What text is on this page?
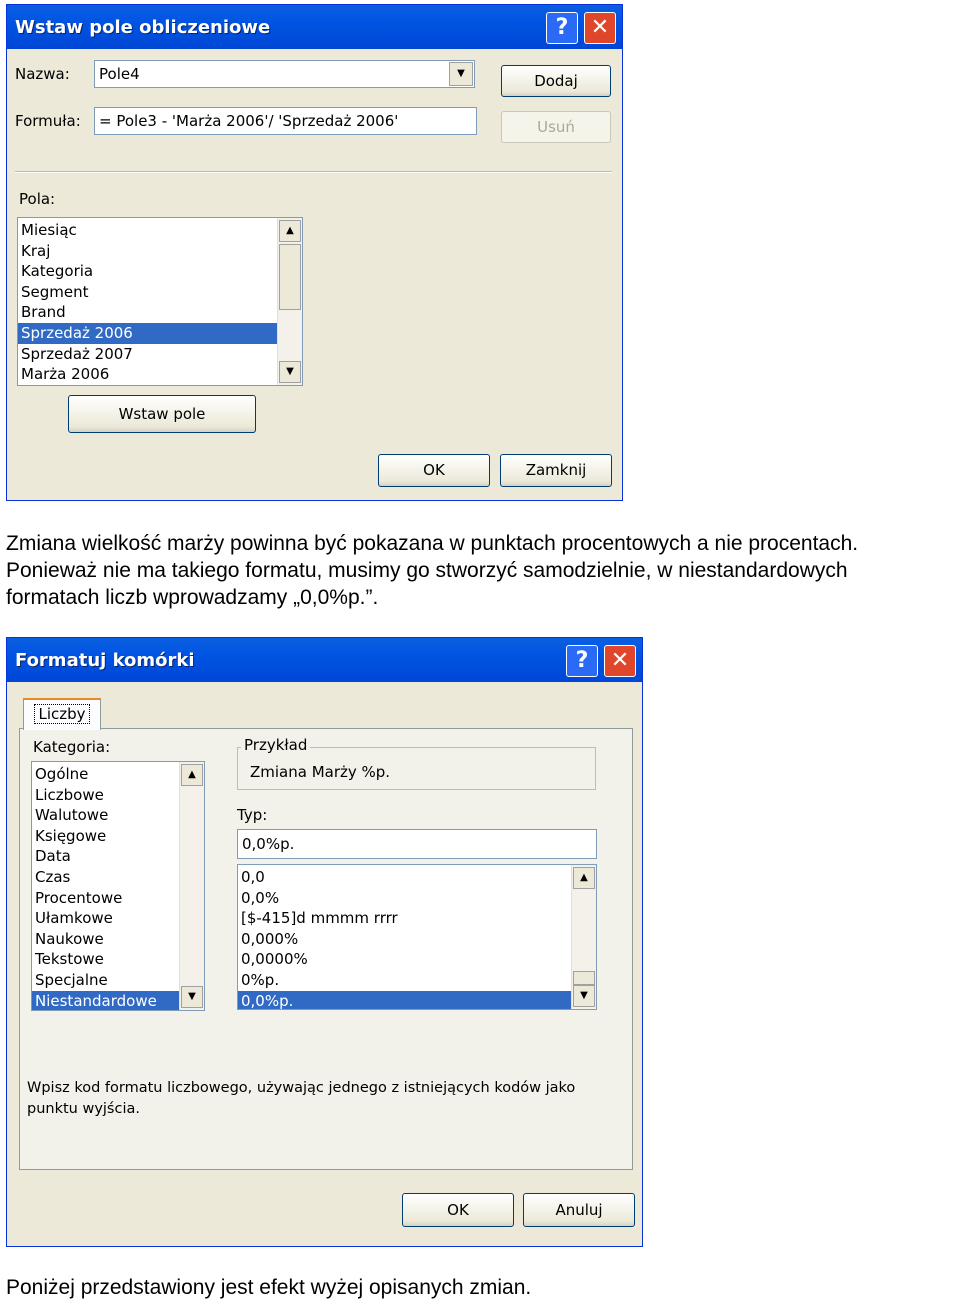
Wstaw pole obliczeniowe	?	✕
Nazwa:	Pole4	▼
Formuła:	= Pole3 - 'Marża 2006'/ 'Sprzedaż 2006'
Dodaj
Usuń
Pola:
Miesiąc
Kraj
Kategoria
Segment
Brand
Sprzedaż 2006
Sprzedaż 2007
Marża 2006
▲
▼
Wstaw pole
OK	Zamknij
Zmiana wielkość marży powinna być pokazana w punktach procentowych a nie procentach.
Ponieważ nie ma takiego formatu, musimy go stworzyć samodzielnie, w niestandardowych
formatach liczb wprowadzamy „0,0%p.”.
Formatuj komórki	?	✕
Liczby
Kategoria:
Ogólne
Liczbowe
Walutowe
Księgowe
Data
Czas
Procentowe
Ułamkowe
Naukowe
Tekstowe
Specjalne
Niestandardowe
▲
▼
Zmiana Marży %p.
Przykład
Typ:
0,0%p.
0,0
0,0%
[$-415]d mmmm rrrr
0,000%
0,0000%
0%p.
0,0%p.
▲
▼
Wpisz kod formatu liczbowego, używając jednego z istniejących kodów jako
punktu wyjścia.
OK	Anuluj
Poniżej przedstawiony jest efekt wyżej opisanych zmian.
